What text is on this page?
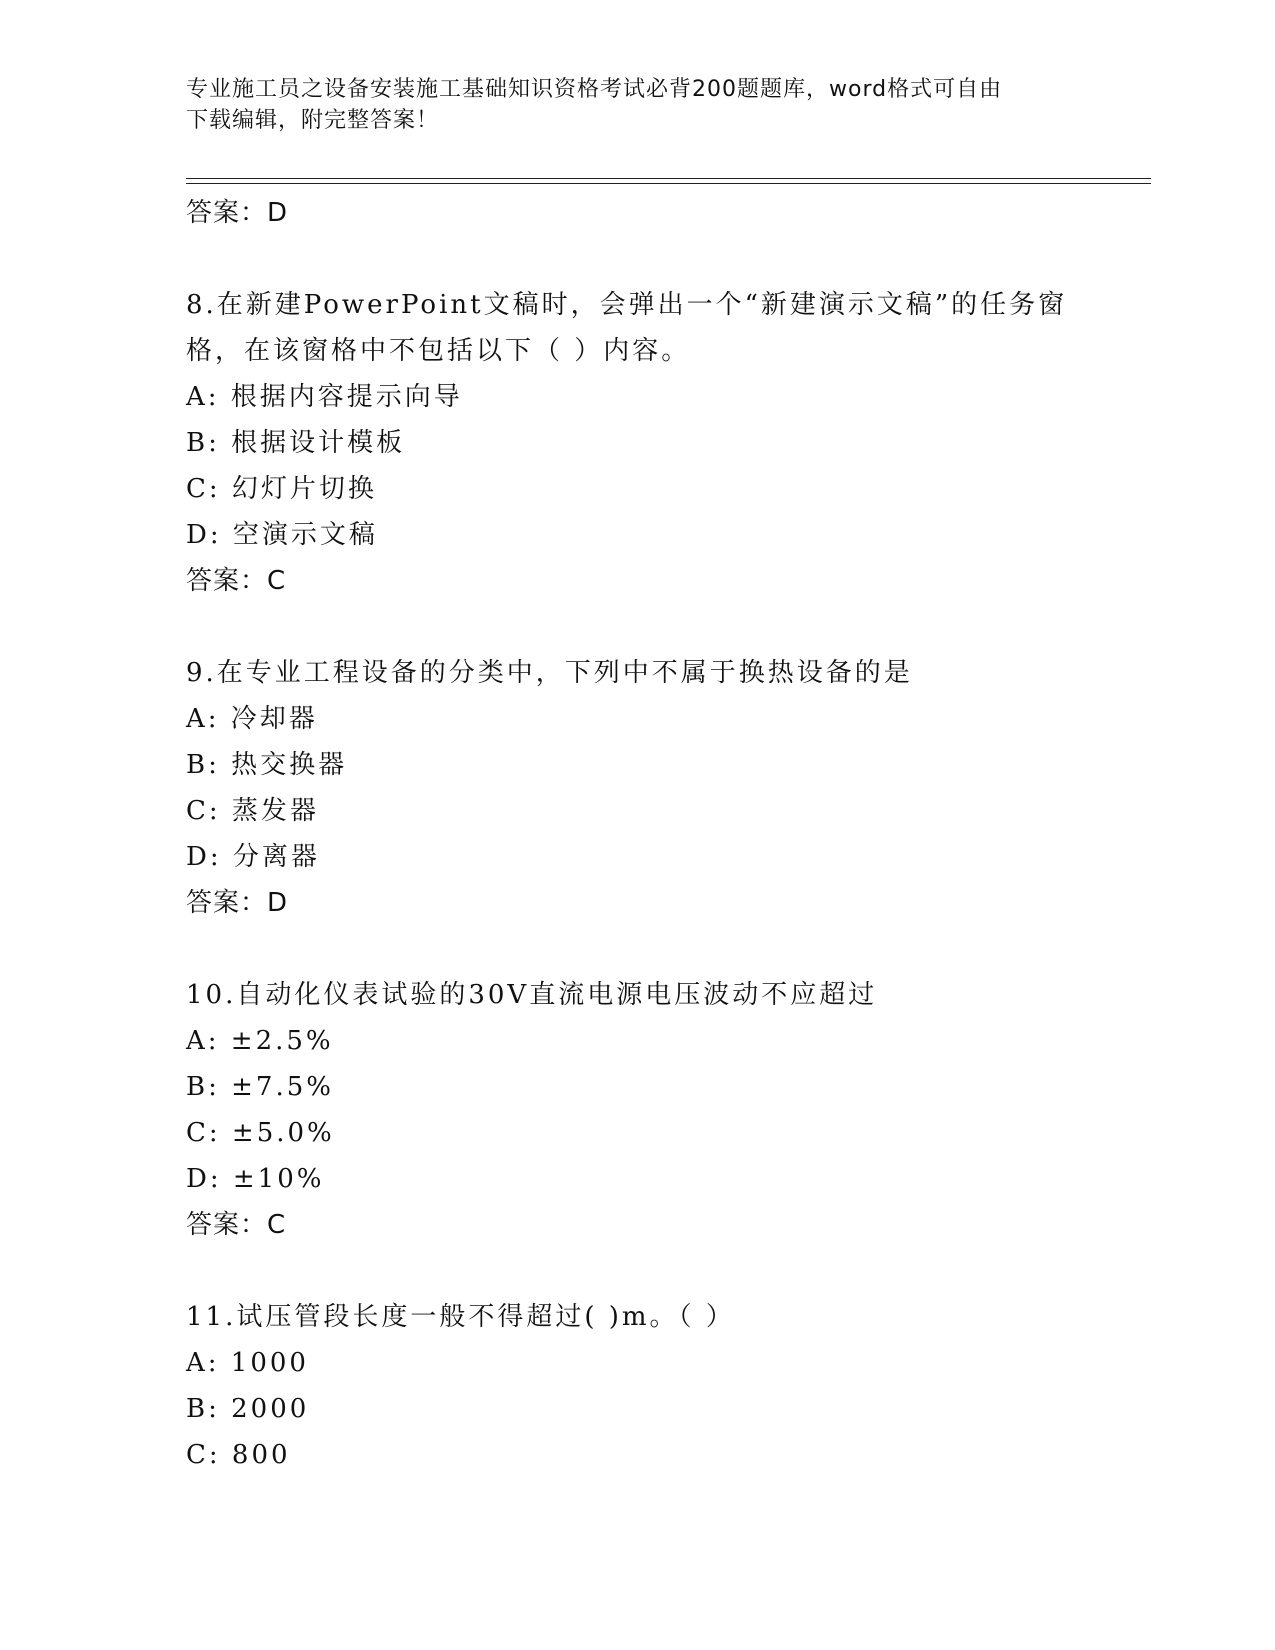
专业施工员之设备安装施工基础知识资格考试必背200题题库，word格式可自由
下载编辑，附完整答案！
答案：D
8.在新建PowerPoint文稿时，会弹出一个“新建演示文稿”的任务窗
格，在该窗格中不包括以下（ ）内容。
A: 根据内容提示向导
B: 根据设计模板
C: 幻灯片切换
D: 空演示文稿
答案：C
9.在专业工程设备的分类中，下列中不属于换热设备的是
A: 冷却器
B: 热交换器
C: 蒸发器
D: 分离器
答案：D
10.自动化仪表试验的30V直流电源电压波动不应超过
A: ±2.5%
B: ±7.5%
C: ±5.0%
D: ±10%
答案：C
11.试压管段长度一般不得超过( )m。（ ）
A: 1000
B: 2000
C: 800
